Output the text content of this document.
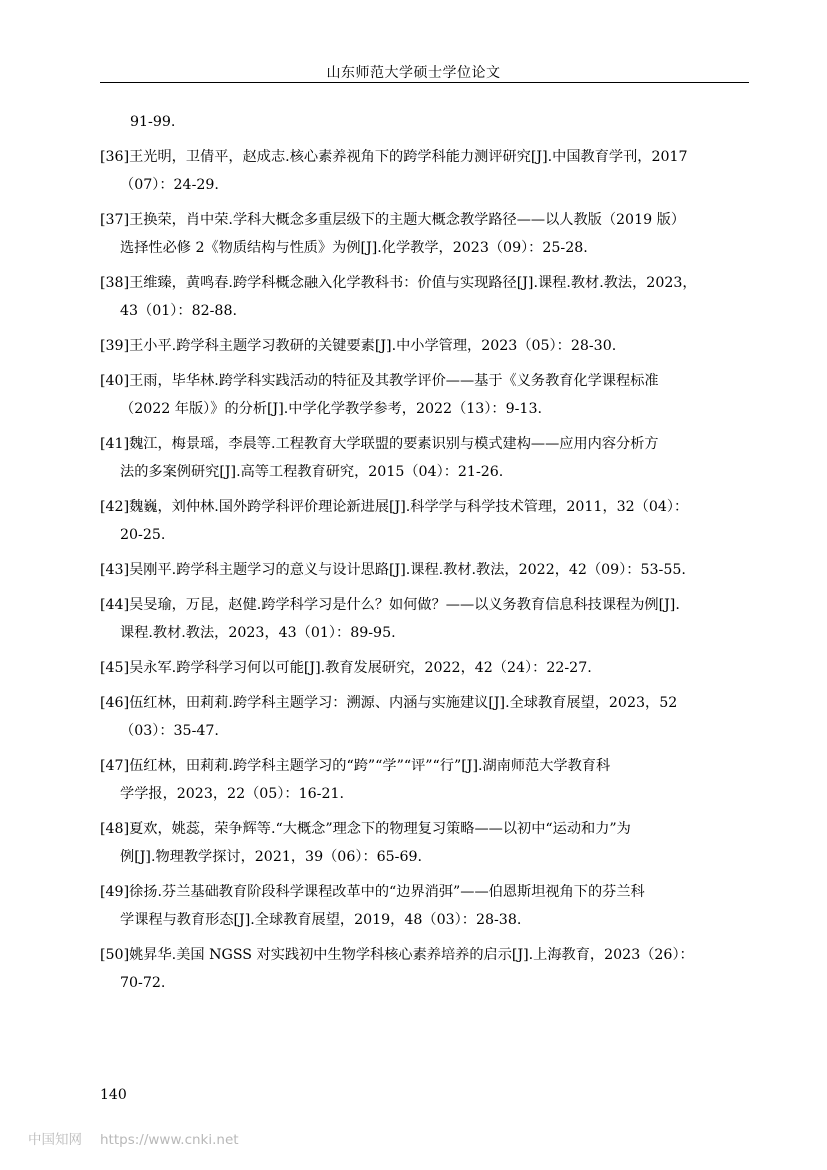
山东师范大学硕士学位论文
91-99.
[36]王光明，卫倩平，赵成志.核心素养视角下的跨学科能力测评研究[J].中国教育学刊，2017
（07）：24-29.
[37]王换荣，肖中荣.学科大概念多重层级下的主题大概念教学路径——以人教版（2019 版）
选择性必修 2《物质结构与性质》为例[J].化学教学，2023（09）：25-28.
[38]王维臻，黄鸣春.跨学科概念融入化学教科书：价值与实现路径[J].课程.教材.教法，2023，
43（01）：82-88.
[39]王小平.跨学科主题学习教研的关键要素[J].中小学管理，2023（05）：28-30.
[40]王雨，毕华林.跨学科实践活动的特征及其教学评价——基于《义务教育化学课程标准
（2022 年版）》的分析[J].中学化学教学参考，2022（13）：9-13.
[41]魏江，梅景瑶，李晨等.工程教育大学联盟的要素识别与模式建构——应用内容分析方
法的多案例研究[J].高等工程教育研究，2015（04）：21-26.
[42]魏巍，刘仲林.国外跨学科评价理论新进展[J].科学学与科学技术管理，2011，32（04）：
20-25.
[43]吴刚平.跨学科主题学习的意义与设计思路[J].课程.教材.教法，2022，42（09）：53-55.
[44]吴旻瑜，万昆，赵健.跨学科学习是什么？如何做？——以义务教育信息科技课程为例[J].
课程.教材.教法，2023，43（01）：89-95.
[45]吴永军.跨学科学习何以可能[J].教育发展研究，2022，42（24）：22-27.
[46]伍红林，田莉莉.跨学科主题学习：溯源、内涵与实施建议[J].全球教育展望，2023，52
（03）：35-47.
[47]伍红林，田莉莉.跨学科主题学习的“跨”“学”“评”“行”[J].湖南师范大学教育科
学学报，2023，22（05）：16-21.
[48]夏欢，姚蕊，荣争辉等.“大概念”理念下的物理复习策略——以初中“运动和力”为
例[J].物理教学探讨，2021，39（06）：65-69.
[49]徐扬.芬兰基础教育阶段科学课程改革中的“边界消弭”——伯恩斯坦视角下的芬兰科
学课程与教育形态[J].全球教育展望，2019，48（03）：28-38.
[50]姚昇华.美国 NGSS 对实践初中生物学科核心素养培养的启示[J].上海教育，2023（26）：
70-72.
140
中国知网 https://www.cnki.net
